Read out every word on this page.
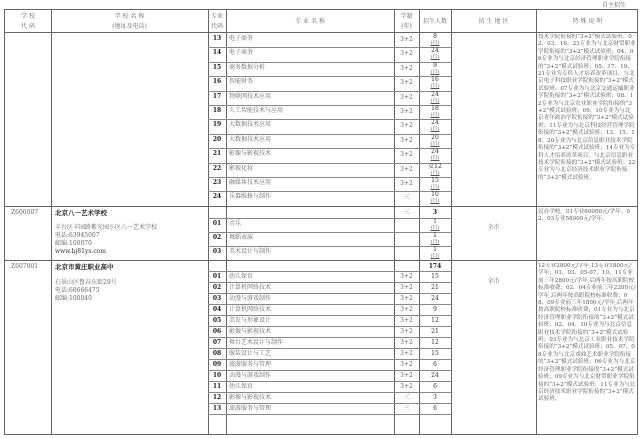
自主招生
学 校
代 码
学 校 名 称
(地址及电话)
专业
代码
专 业 名 称
学制
(年)
招生人数	招 生 地 区	特 殊 说 明
13	电子商务	3+2	8
(日)
14	电子商务	3+2	24
(日)
15	商务数据分析	3+2	9
(日)
16	智能财务	3+2	16
(日)
17	物联网技术应用	3+2	24
(日)
18	人工智能技术与应用	3+2	18
(日)
19	大数据技术应用	3+2	24
(日)
20	大数据技术应用	3+2	20
(日)
21	影像与影视技术	3+2	24
(日)
22	影视化妆	3+2	女12
(日)
23	融媒体技术应用	3+2	15
(日)
24	乐器维修与制作	三	10
(日)
技术学院衔接的“3+2”模式试验班；02、03、16、23专业为与北京财贸职业学院衔接的“3+2”模式试验班；04、06专业为与北京经济管理职业学院衔接的“3+2”模式试验班；05、17、19、21专业为专科人才培养改革项目，与北京电子科技职业学院衔接的“3+2”模式试验班；07专业为与北京交通运输职业学院衔接的“3+2”模式试验班；08、12专业为与北京农业职业学院衔接的“3+2”模式试验班；09、10专业为与北京青年政治学院衔接的“3+2”模式试验班；11专业为与北京科技经营管理学院衔接的“3+2”模式试验班；13、15、18、20专业为与北京信息职业技术学院衔接的“3+2”模式试验班；14专业为专科人才培养改革项目，与北京信息职业技术学院衔接的“3+2”模式试验班；22专业为与北京经济技术职业学院衔接的“3+2”模式试验班。
Z606007	北京八一艺术学校
丰台区丰园路紫光园小区八一艺术学校
电话:63945007
邮编:100070
www.bj81ys.com
三	3
全市
民办学校。01专业60000元/学年；02、03专业58000元/学年。
01	音乐	1
(日)
02	舞蹈表演	1
(日)
03	美术设计与制作	1
(日)
Z607001	北京市黄庄职业高中
石景山区鲁谷东街29号
电话:68666475
邮编:100040
174
全市
12专业2800元/学年,13专业1800元/学年；01、03、05-07、10、11专业前三年2800元/学年,后两年按高职院校标准收费；02、04专业前三年2200元/学年,后两年按高职院校标准收费；08、09专业前三年1800元/学年,后两年按高职院校标准收费；01专业为与北京经济管理职业学院衔接的“3+2”模式试验班；02、04、10专业为与北京信息职业技术学院衔接的“3+2”模式试验班；03专业为与北京工业职业技术学院衔接的“3+2”模式试验班；05、07、08专业为与北京戏曲艺术职业学院衔接的“3+2”模式试验班；06专业为与北京经济管理职业学院衔接的“3+2”模式试验班；09专业为与北京财贸职业学院衔接的“3+2”模式试验班；11专业为与北京经济技术职业学院衔接的“3+2”模式试验班。
01	幼儿保育	3+2	15
02	计算机网络技术	3+2	21
03	动漫与游戏制作	3+2	24
04	计算机网络技术	3+2	9
05	美发与形象设计	3+2	12
06	影像与影视技术	3+2	21
07	舞台艺术设计与制作	3+2	12
08	服装设计与工艺	3+2	15
09	旅游服务与管理	3+2	6
10	动漫与游戏制作	3+2	24
11	幼儿保育	3+2	6
12	影像与影视技术	三	3
13	旅游服务与管理	三	6
